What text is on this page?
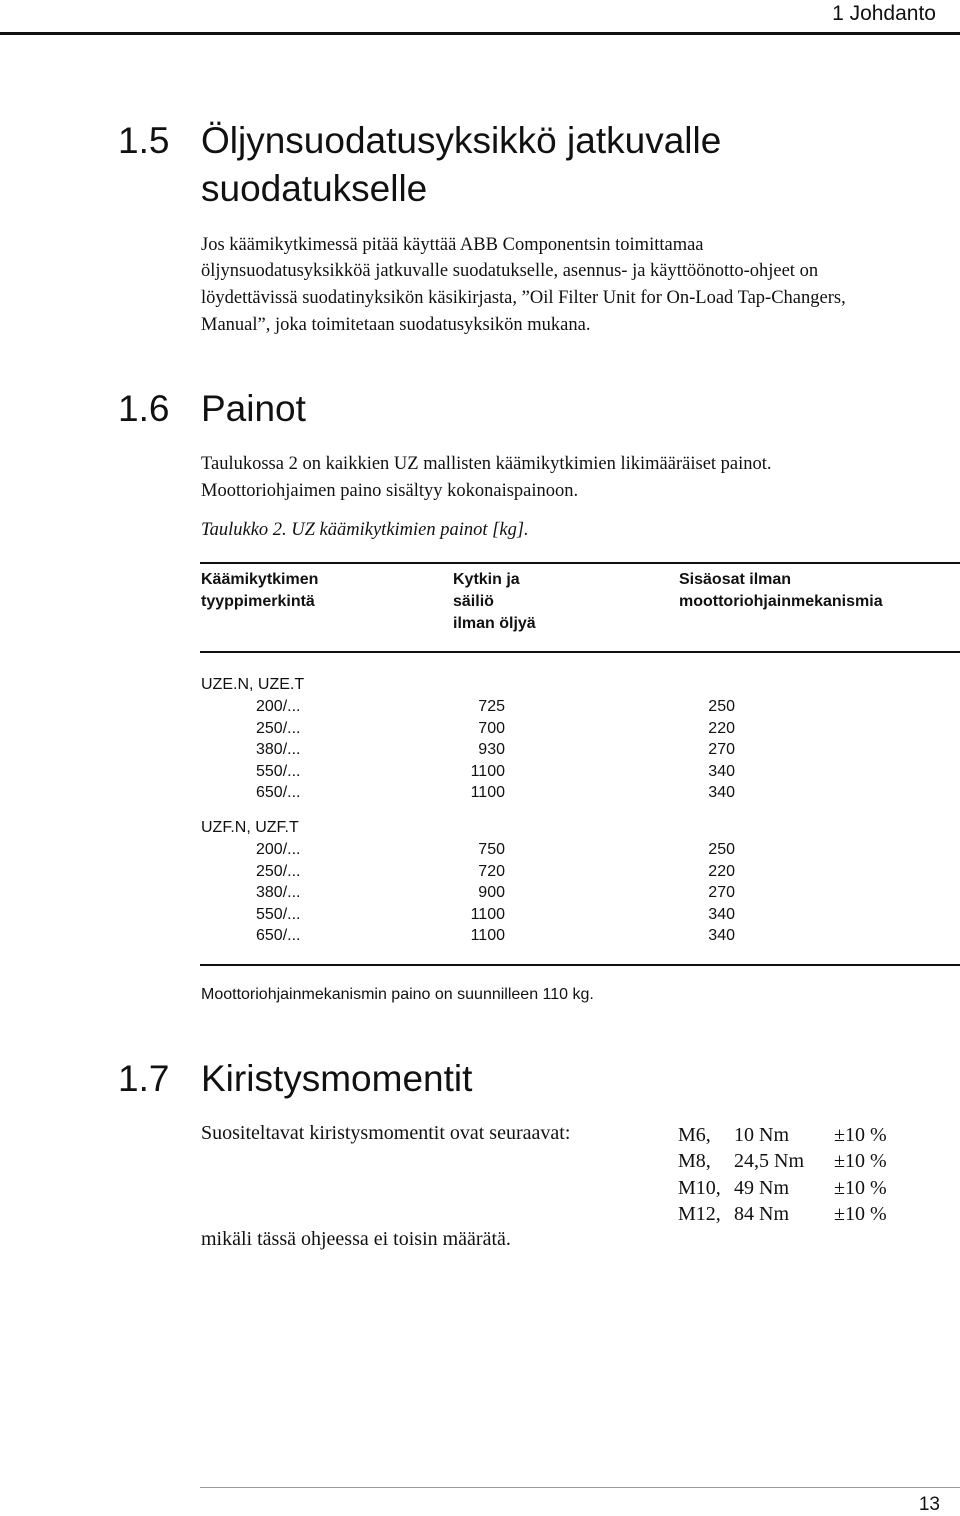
1 Johdanto
1.5 Öljynsuodatusyksikkö jatkuvalle
suodatukselle
Jos käämikytkimessä pitää käyttää ABB Componentsin toimittamaa
öljynsuodatusyksikköä jatkuvalle suodatukselle, asennus- ja käyttöönotto-ohjeet on
löydettävissä suodatinyksikön käsikirjasta, ”Oil Filter Unit for On-Load Tap-Changers,
Manual”, joka toimitetaan suodatusyksikön mukana.
1.6 Painot
Taulukossa 2 on kaikkien UZ mallisten käämikytkimien likimääräiset painot.
Moottoriohjaimen paino sisältyy kokonaispainoon.
Taulukko 2. UZ käämikytkimien painot [kg].
Käämikytkimen
tyyppimerkintä
Kytkin ja
säiliö
ilman öljyä
Sisäosat ilman
moottoriohjainmekanismia
UZE.N, UZE.T
200/...
250/...
380/...
550/...
650/...
725
700
930
1100
1100
250
220
270
340
340
UZF.N, UZF.T
200/...
250/...
380/...
550/...
650/...
750
720
900
1100
1100
250
220
270
340
340
Moottoriohjainmekanismin paino on suunnilleen 110 kg.
1.7 Kiristysmomentit
Suositeltavat kiristysmomentit ovat seuraavat:	M6,
M8,
M10,
M12,
10 Nm
24,5 Nm
49 Nm
84 Nm
±10 %
±10 %
±10 %
±10 %
mikäli tässä ohjeessa ei toisin määrätä.
13
